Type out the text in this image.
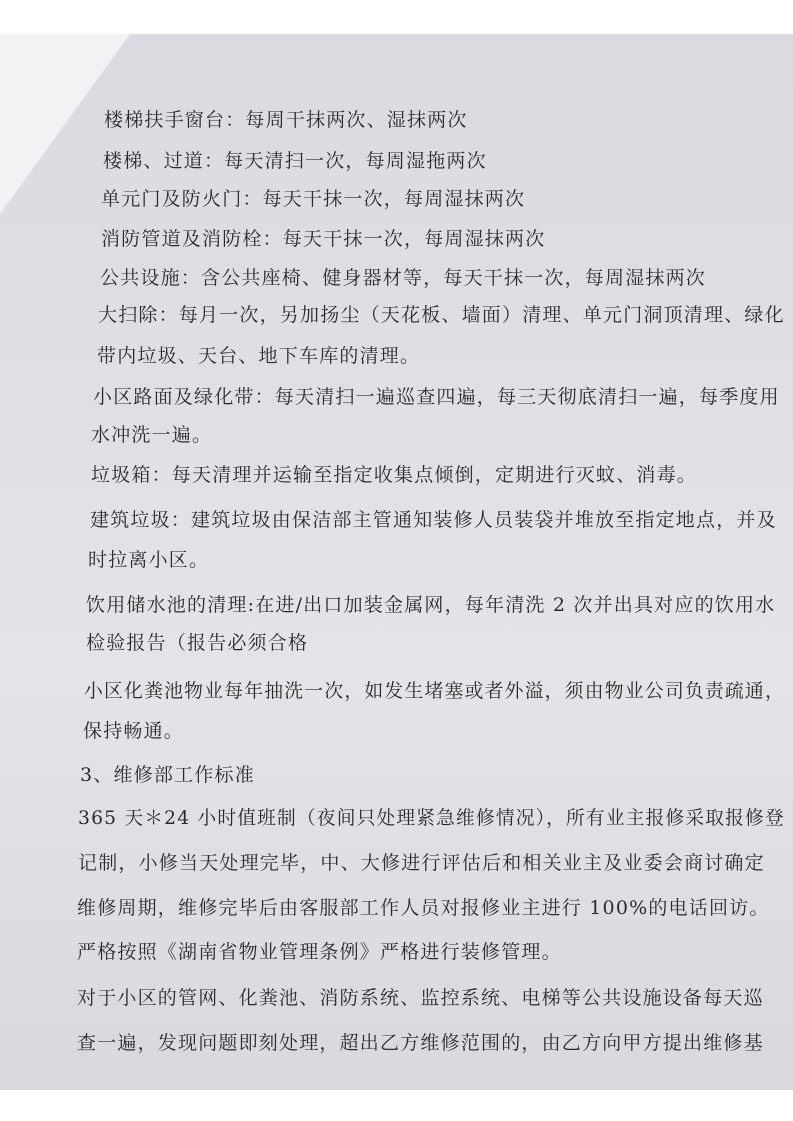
楼梯扶手窗台：每周干抹两次、湿抹两次
楼梯、过道：每天清扫一次，每周湿拖两次
单元门及防火门：每天干抹一次，每周湿抹两次
消防管道及消防栓：每天干抹一次，每周湿抹两次
公共设施：含公共座椅、健身器材等，每天干抹一次，每周湿抹两次
大扫除：每月一次，另加扬尘（天花板、墙面）清理、单元门洞顶清理、绿化
带内垃圾、天台、地下车库的清理。
小区路面及绿化带：每天清扫一遍巡查四遍，每三天彻底清扫一遍，每季度用
水冲洗一遍。
垃圾箱：每天清理并运输至指定收集点倾倒，定期进行灭蚊、消毒。
建筑垃圾：建筑垃圾由保洁部主管通知装修人员装袋并堆放至指定地点，并及
时拉离小区。
饮用储水池的清理:在进/出口加装金属网，每年清洗 2 次并出具对应的饮用水
检验报告（报告必须合格
小区化粪池物业每年抽洗一次，如发生堵塞或者外溢，须由物业公司负责疏通，
保持畅通。
3、维修部工作标准
365 天＊24 小时值班制（夜间只处理紧急维修情况），所有业主报修采取报修登
记制，小修当天处理完毕，中、大修进行评估后和相关业主及业委会商讨确定
维修周期，维修完毕后由客服部工作人员对报修业主进行 100%的电话回访。
严格按照《湖南省物业管理条例》严格进行装修管理。
对于小区的管网、化粪池、消防系统、监控系统、电梯等公共设施设备每天巡
查一遍，发现问题即刻处理，超出乙方维修范围的，由乙方向甲方提出维修基
